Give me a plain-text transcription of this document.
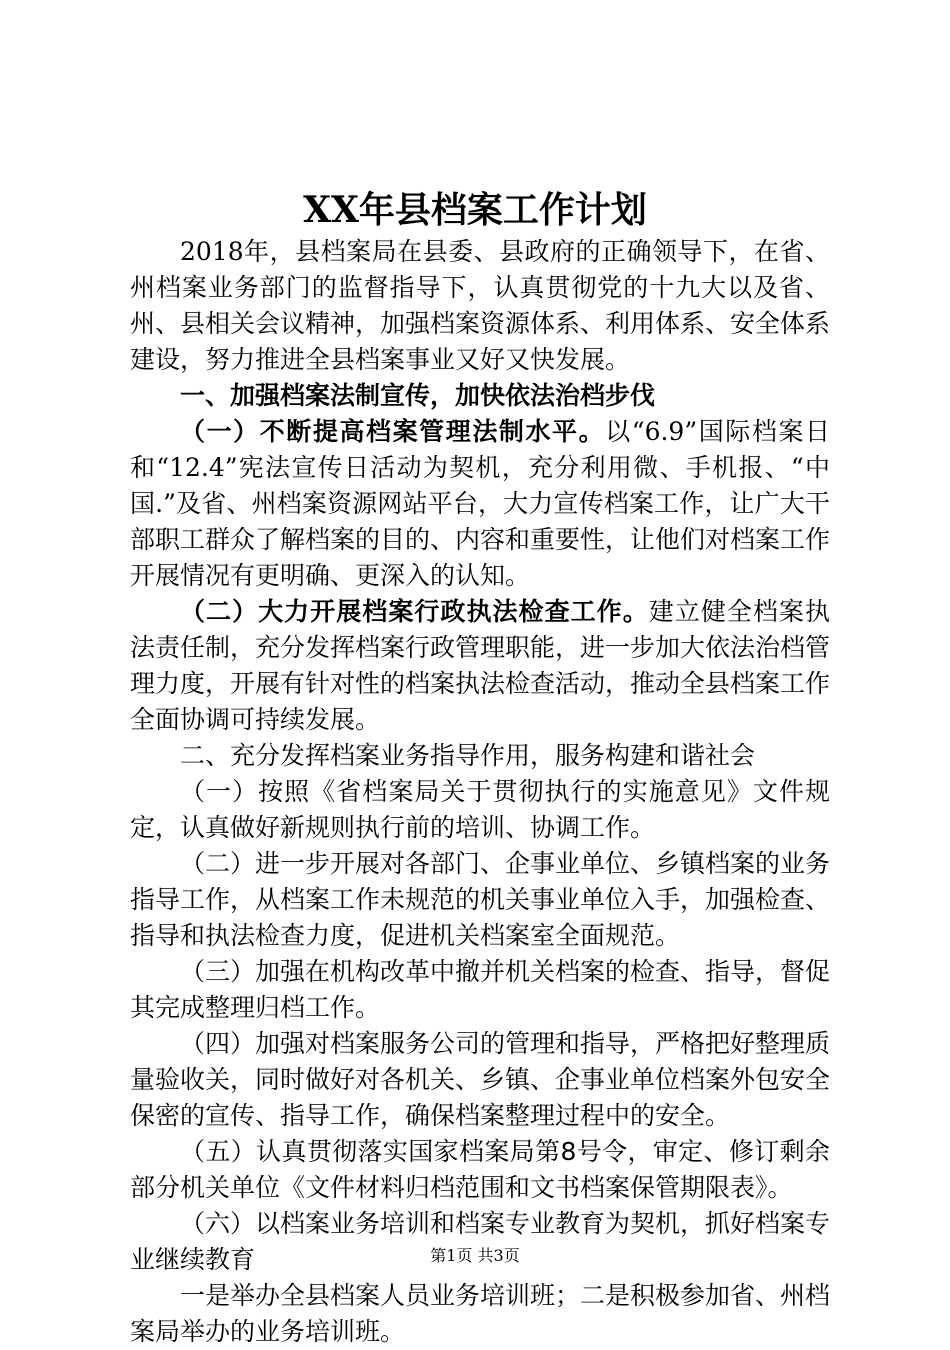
XX年县档案工作计划

2018年，县档案局在县委、县政府的正确领导下，在省、州档案业务部门的监督指导下，认真贯彻党的十九大以及省、州、县相关会议精神，加强档案资源体系、利用体系、安全体系建设，努力推进全县档案事业又好又快发展。

一、加强档案法制宣传，加快依法治档步伐

（一）不断提高档案管理法制水平。以“6.9”国际档案日和“12.4”宪法宣传日活动为契机，充分利用微、手机报、“中国.”及省、州档案资源网站平台，大力宣传档案工作，让广大干部职工群众了解档案的目的、内容和重要性，让他们对档案工作开展情况有更明确、更深入的认知。

（二）大力开展档案行政执法检查工作。建立健全档案执法责任制，充分发挥档案行政管理职能，进一步加大依法治档管理力度，开展有针对性的档案执法检查活动，推动全县档案工作全面协调可持续发展。

二、充分发挥档案业务指导作用，服务构建和谐社会

（一）按照《省档案局关于贯彻执行的实施意见》文件规定，认真做好新规则执行前的培训、协调工作。

（二）进一步开展对各部门、企事业单位、乡镇档案的业务指导工作，从档案工作未规范的机关事业单位入手，加强检查、指导和执法检查力度，促进机关档案室全面规范。

（三）加强在机构改革中撤并机关档案的检查、指导，督促其完成整理归档工作。

（四）加强对档案服务公司的管理和指导，严格把好整理质量验收关，同时做好对各机关、乡镇、企事业单位档案外包安全保密的宣传、指导工作，确保档案整理过程中的安全。

（五）认真贯彻落实国家档案局第8号令，审定、修订剩余部分机关单位《文件材料归档范围和文书档案保管期限表》。

（六）以档案业务培训和档案专业教育为契机，抓好档案专业继续教育

一是举办全县档案人员业务培训班；二是积极参加省、州档案局举办的业务培训班。

第1页 共3页
